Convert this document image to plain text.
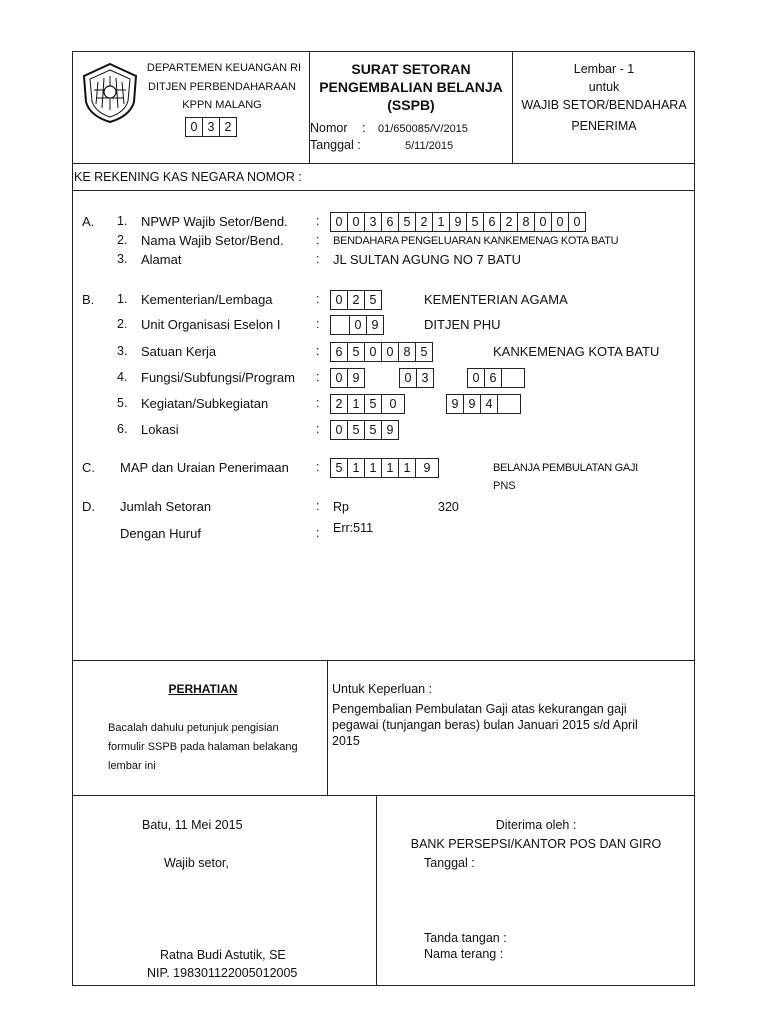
DEPARTEMEN KEUANGAN RI
DITJEN PERBENDAHARAAN
KPPN MALANG
0 3 2
SURAT SETORAN
PENGEMBALIAN BELANJA
(SSPB)
Nomor : 01/650085/V/2015
Tanggal :	5/11/2015
Lembar - 1
untuk
WAJIB SETOR/BENDAHARA
PENERIMA
KE REKENING KAS NEGARA NOMOR :
A. 1. NPWP Wajib Setor/Bend. :	0 0 3 6 5 2 1 9 5 6 2 8 0 0 0
2. Nama Wajib Setor/Bend.	: BENDAHARA PENGELUARAN KANKEMENAG KOTA BATU
3. Alamat	: JL SULTAN AGUNG NO 7 BATU
B. 1. Kementerian/Lembaga	:	0 2 5	KEMENTERIAN AGAMA
2. Unit Organisasi Eselon I	:	0 9	DITJEN PHU
3. Satuan Kerja	:	6 5 0 0 8 5	KANKEMENAG KOTA BATU
4. Fungsi/Subfungsi/Program :	0 9	0 3	0 6
5. Kegiatan/Subkegiatan	:	2 1 5	0	9 9 4
6. Lokasi	:	0 5 5 9
C. MAP dan Uraian Penerimaan :	5 1 1 1 1	9	BELANJA PEMBULATAN GAJI
PNS
D. Jumlah Setoran	: Rp	320
Dengan Huruf	: Err:511
PERHATIAN
Bacalah dahulu petunjuk pengisian
formulir SSPB pada halaman belakang
lembar ini
Untuk Keperluan :
Pengembalian Pembulatan Gaji atas kekurangan gaji
pegawai (tunjangan beras) bulan Januari 2015 s/d April
2015
Batu, 11 Mei 2015
Wajib setor,
Ratna Budi Astutik, SE
NIP. 198301122005012005
Diterima oleh :
BANK PERSEPSI/KANTOR POS DAN GIRO
Tanggal :
Tanda tangan :
Nama terang :
